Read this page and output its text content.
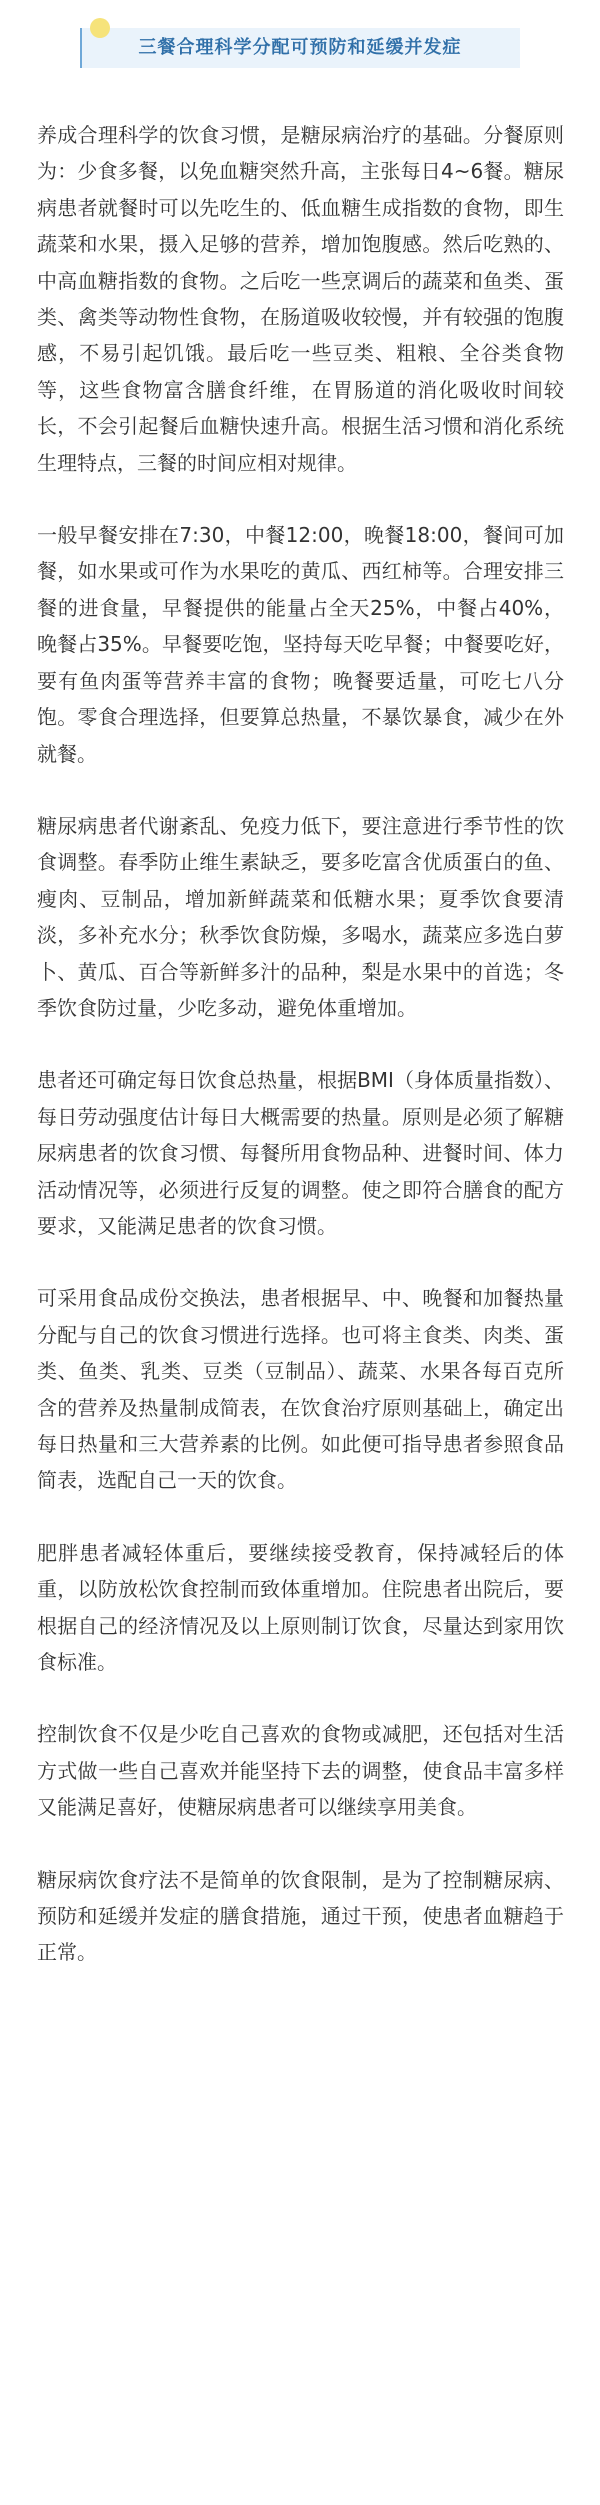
三餐合理科学分配可预防和延缓并发症

养成合理科学的饮食习惯，是糖尿病治疗的基础。分餐原则为：少食多餐，以免血糖突然升高，主张每日4~6餐。糖尿病患者就餐时可以先吃生的、低血糖生成指数的食物，即生蔬菜和水果，摄入足够的营养，增加饱腹感。然后吃熟的、中高血糖指数的食物。之后吃一些烹调后的蔬菜和鱼类、蛋类、禽类等动物性食物，在肠道吸收较慢，并有较强的饱腹感，不易引起饥饿。最后吃一些豆类、粗粮、全谷类食物等，这些食物富含膳食纤维，在胃肠道的消化吸收时间较长，不会引起餐后血糖快速升高。根据生活习惯和消化系统生理特点，三餐的时间应相对规律。

一般早餐安排在7:30，中餐12:00，晚餐18:00，餐间可加餐，如水果或可作为水果吃的黄瓜、西红柿等。合理安排三餐的进食量，早餐提供的能量占全天25%，中餐占40%，晚餐占35%。早餐要吃饱，坚持每天吃早餐；中餐要吃好，要有鱼肉蛋等营养丰富的食物；晚餐要适量，可吃七八分饱。零食合理选择，但要算总热量，不暴饮暴食，减少在外就餐。

糖尿病患者代谢紊乱、免疫力低下，要注意进行季节性的饮食调整。春季防止维生素缺乏，要多吃富含优质蛋白的鱼、瘦肉、豆制品，增加新鲜蔬菜和低糖水果；夏季饮食要清淡，多补充水分；秋季饮食防燥，多喝水，蔬菜应多选白萝卜、黄瓜、百合等新鲜多汁的品种，梨是水果中的首选；冬季饮食防过量，少吃多动，避免体重增加。

患者还可确定每日饮食总热量，根据BMI（身体质量指数）、每日劳动强度估计每日大概需要的热量。原则是必须了解糖尿病患者的饮食习惯、每餐所用食物品种、进餐时间、体力活动情况等，必须进行反复的调整。使之即符合膳食的配方要求，又能满足患者的饮食习惯。

可采用食品成份交换法，患者根据早、中、晚餐和加餐热量分配与自己的饮食习惯进行选择。也可将主食类、肉类、蛋类、鱼类、乳类、豆类（豆制品）、蔬菜、水果各每百克所含的营养及热量制成简表，在饮食治疗原则基础上，确定出每日热量和三大营养素的比例。如此便可指导患者参照食品简表，选配自己一天的饮食。

肥胖患者减轻体重后，要继续接受教育，保持减轻后的体重，以防放松饮食控制而致体重增加。住院患者出院后，要根据自己的经济情况及以上原则制订饮食，尽量达到家用饮食标准。

控制饮食不仅是少吃自己喜欢的食物或减肥，还包括对生活方式做一些自己喜欢并能坚持下去的调整，使食品丰富多样又能满足喜好，使糖尿病患者可以继续享用美食。

糖尿病饮食疗法不是简单的饮食限制，是为了控制糖尿病、预防和延缓并发症的膳食措施，通过干预，使患者血糖趋于正常。
